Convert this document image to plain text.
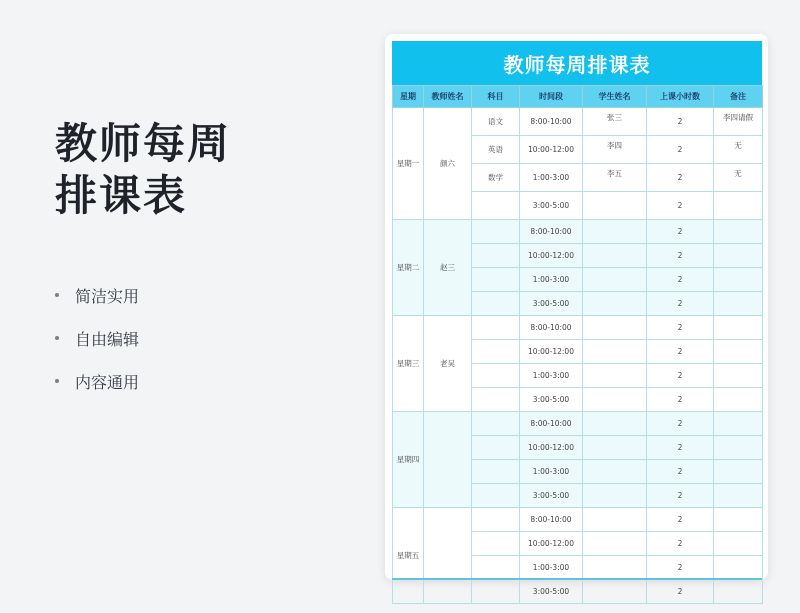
教师每周
排课表
简洁实用
自由编辑
内容通用
教师每周排课表
星期	教师姓名	科目	时间段	学生姓名	上课小时数	备注
星期一	颜六	语文	8:00-10:00	张三	2	李四请假
		英语	10:00-12:00	李四	2	无
		数学	1:00-3:00	李五	2	无
			3:00-5:00		2	
星期二	赵三		8:00-10:00		2	
			10:00-12:00		2	
			1:00-3:00		2	
			3:00-5:00		2	
星期三	老吴		8:00-10:00		2	
			10:00-12:00		2	
			1:00-3:00		2	
			3:00-5:00		2	
星期四			8:00-10:00		2	
			10:00-12:00		2	
			1:00-3:00		2	
			3:00-5:00		2	
星期五			8:00-10:00		2	
			10:00-12:00		2	
			1:00-3:00		2	
			3:00-5:00		2	
